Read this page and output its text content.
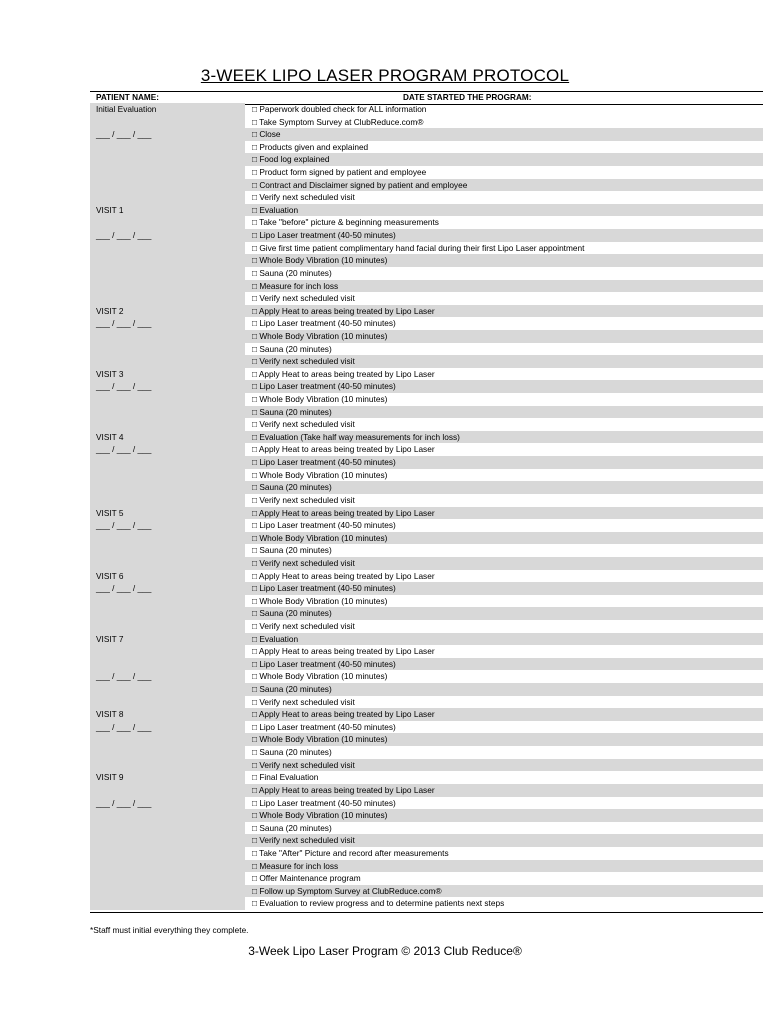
3-WEEK LIPO LASER PROGRAM PROTOCOL
PATIENT NAME:	DATE STARTED THE PROGRAM:
Initial Evaluation
___ / ___ / ___
□ Paperwork doubled check for ALL information
□ Take Symptom Survey at ClubReduce.com®
□ Close
□ Products given and explained
□ Food log explained
□ Product form signed by patient and employee
□ Contract and Disclaimer signed by patient and employee
□ Verify next scheduled visit
VISIT 1
___ / ___ / ___
□ Evaluation
□ Take "before" picture & beginning measurements
□ Lipo Laser treatment (40-50 minutes)
□ Give first time patient complimentary hand facial during their first Lipo Laser appointment
□ Whole Body Vibration (10 minutes)
□ Sauna (20 minutes)
□ Measure for inch loss
□ Verify next scheduled visit
VISIT 2
___ / ___ / ___
□ Apply Heat to areas being treated by Lipo Laser
□ Lipo Laser treatment (40-50 minutes)
□ Whole Body Vibration (10 minutes)
□ Sauna (20 minutes)
□ Verify next scheduled visit
VISIT 3
___ / ___ / ___
□ Apply Heat to areas being treated by Lipo Laser
□ Lipo Laser treatment (40-50 minutes)
□ Whole Body Vibration (10 minutes)
□ Sauna (20 minutes)
□ Verify next scheduled visit
VISIT 4
___ / ___ / ___
□ Evaluation (Take half way measurements for inch loss)
□ Apply Heat to areas being treated by Lipo Laser
□ Lipo Laser treatment (40-50 minutes)
□ Whole Body Vibration (10 minutes)
□ Sauna (20 minutes)
□ Verify next scheduled visit
VISIT 5
___ / ___ / ___
□ Apply Heat to areas being treated by Lipo Laser
□ Lipo Laser treatment (40-50 minutes)
□ Whole Body Vibration (10 minutes)
□ Sauna (20 minutes)
□ Verify next scheduled visit
VISIT 6
___ / ___ / ___
□ Apply Heat to areas being treated by Lipo Laser
□ Lipo Laser treatment (40-50 minutes)
□ Whole Body Vibration (10 minutes)
□ Sauna (20 minutes)
□ Verify next scheduled visit
VISIT 7
___ / ___ / ___
□ Evaluation
□ Apply Heat to areas being treated by Lipo Laser
□ Lipo Laser treatment (40-50 minutes)
□ Whole Body Vibration (10 minutes)
□ Sauna (20 minutes)
□ Verify next scheduled visit
VISIT 8
___ / ___ / ___
□ Apply Heat to areas being treated by Lipo Laser
□ Lipo Laser treatment (40-50 minutes)
□ Whole Body Vibration (10 minutes)
□ Sauna (20 minutes)
□ Verify next scheduled visit
VISIT 9
___ / ___ / ___
□ Final Evaluation
□ Apply Heat to areas being treated by Lipo Laser
□ Lipo Laser treatment (40-50 minutes)
□ Whole Body Vibration (10 minutes)
□ Sauna (20 minutes)
□ Verify next scheduled visit
□ Take "After" Picture and record after measurements
□ Measure for inch loss
□ Offer Maintenance program
□ Follow up Symptom Survey at ClubReduce.com®
□ Evaluation to review progress and to determine patients next steps
*Staff must initial everything they complete.
3-Week Lipo Laser Program © 2013 Club Reduce®
